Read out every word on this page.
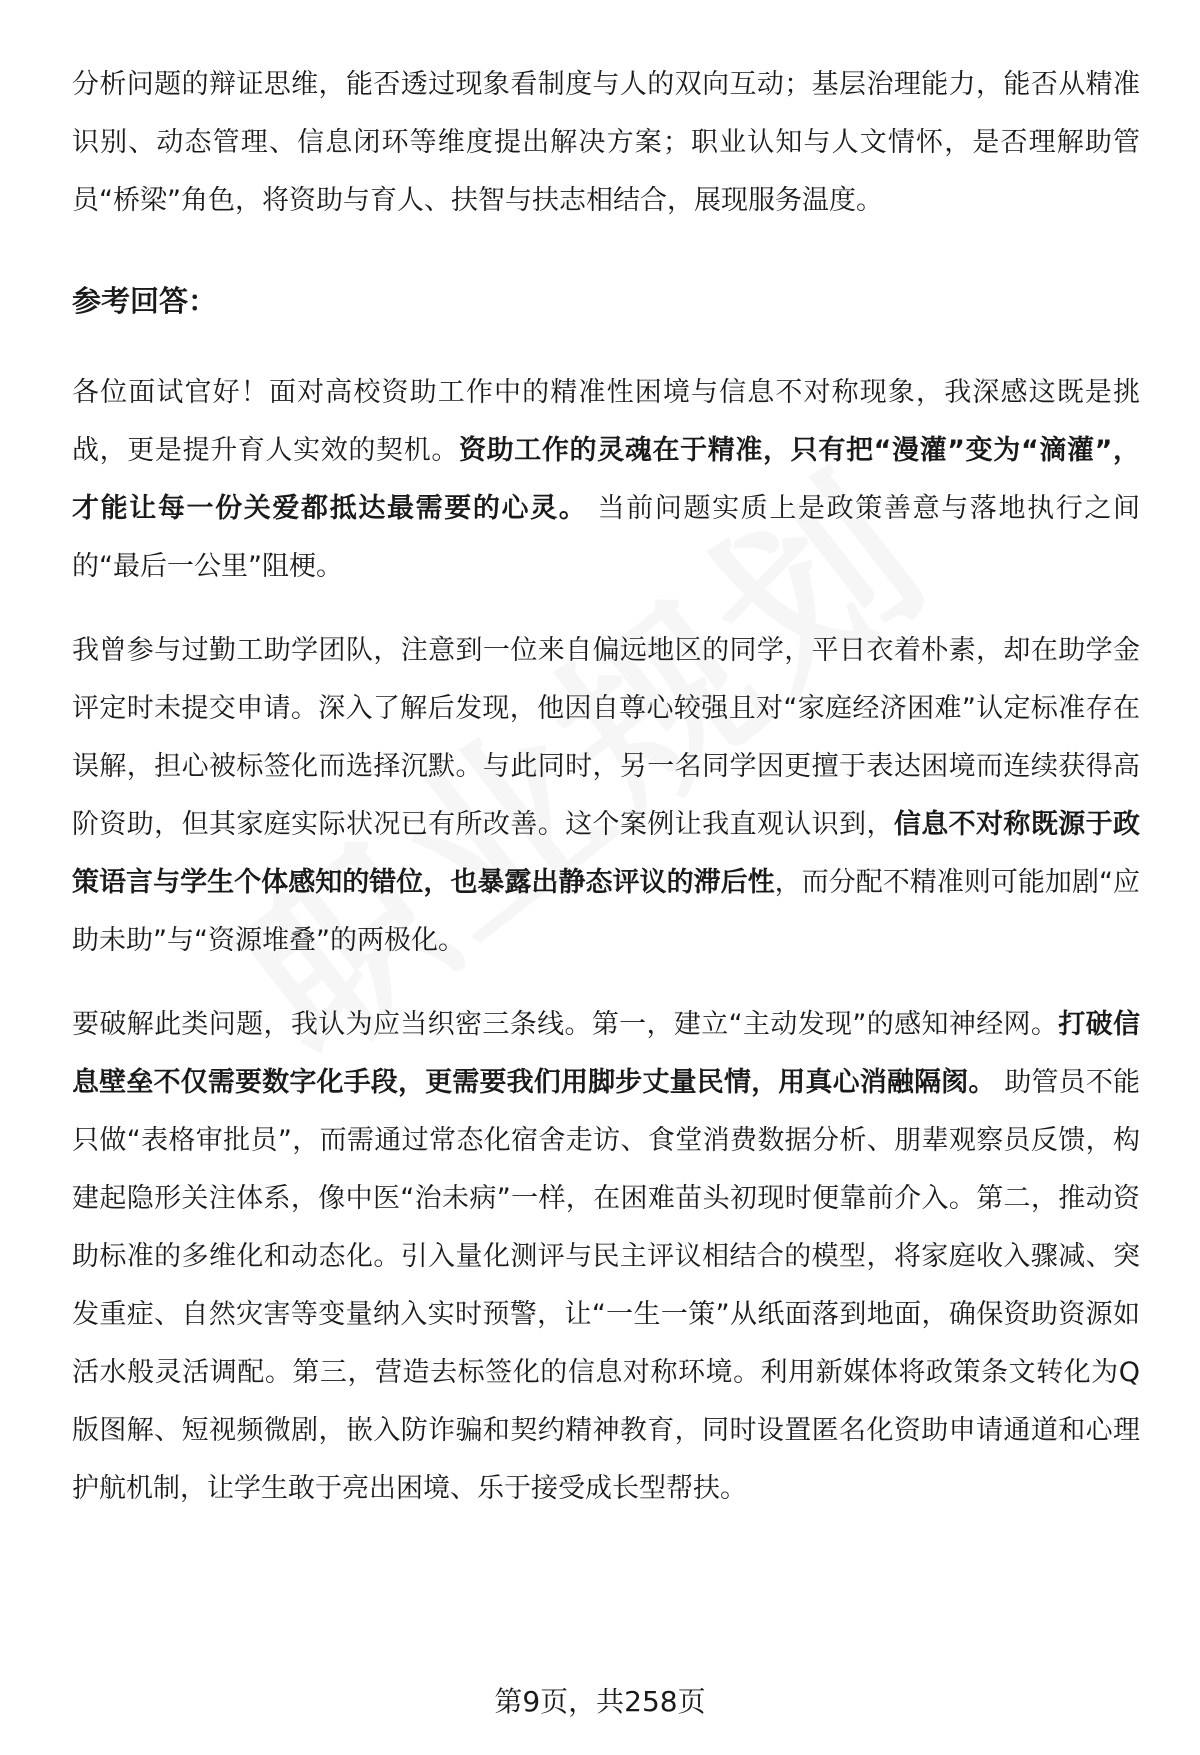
分析问题的辩证思维，能否透过现象看制度与人的双向互动；基层治理能力，能否从精准识别、动态管理、信息闭环等维度提出解决方案；职业认知与人文情怀，是否理解助管员“桥梁”角色，将资助与育人、扶智与扶志相结合，展现服务温度。

参考回答：

各位面试官好！面对高校资助工作中的精准性困境与信息不对称现象，我深感这既是挑战，更是提升育人实效的契机。资助工作的灵魂在于精准，只有把“漫灌”变为“滴灌”，才能让每一份关爱都抵达最需要的心灵。 当前问题实质上是政策善意与落地执行之间的“最后一公里”阻梗。

我曾参与过勤工助学团队，注意到一位来自偏远地区的同学，平日衣着朴素，却在助学金评定时未提交申请。深入了解后发现，他因自尊心较强且对“家庭经济困难”认定标准存在误解，担心被标签化而选择沉默。与此同时，另一名同学因更擅于表达困境而连续获得高阶资助，但其家庭实际状况已有所改善。这个案例让我直观认识到，信息不对称既源于政策语言与学生个体感知的错位，也暴露出静态评议的滞后性，而分配不精准则可能加剧“应助未助”与“资源堆叠”的两极化。

要破解此类问题，我认为应当织密三条线。第一，建立“主动发现”的感知神经网。打破信息壁垒不仅需要数字化手段，更需要我们用脚步丈量民情，用真心消融隔阂。 助管员不能只做“表格审批员”，而需通过常态化宿舍走访、食堂消费数据分析、朋辈观察员反馈，构建起隐形关注体系，像中医“治未病”一样，在困难苗头初现时便靠前介入。第二，推动资助标准的多维化和动态化。引入量化测评与民主评议相结合的模型，将家庭收入骤减、突发重症、自然灾害等变量纳入实时预警，让“一生一策”从纸面落到地面，确保资助资源如活水般灵活调配。第三，营造去标签化的信息对称环境。利用新媒体将政策条文转化为Q版图解、短视频微剧，嵌入防诈骗和契约精神教育，同时设置匿名化资助申请通道和心理护航机制，让学生敢于亮出困境、乐于接受成长型帮扶。

第9页，共258页
